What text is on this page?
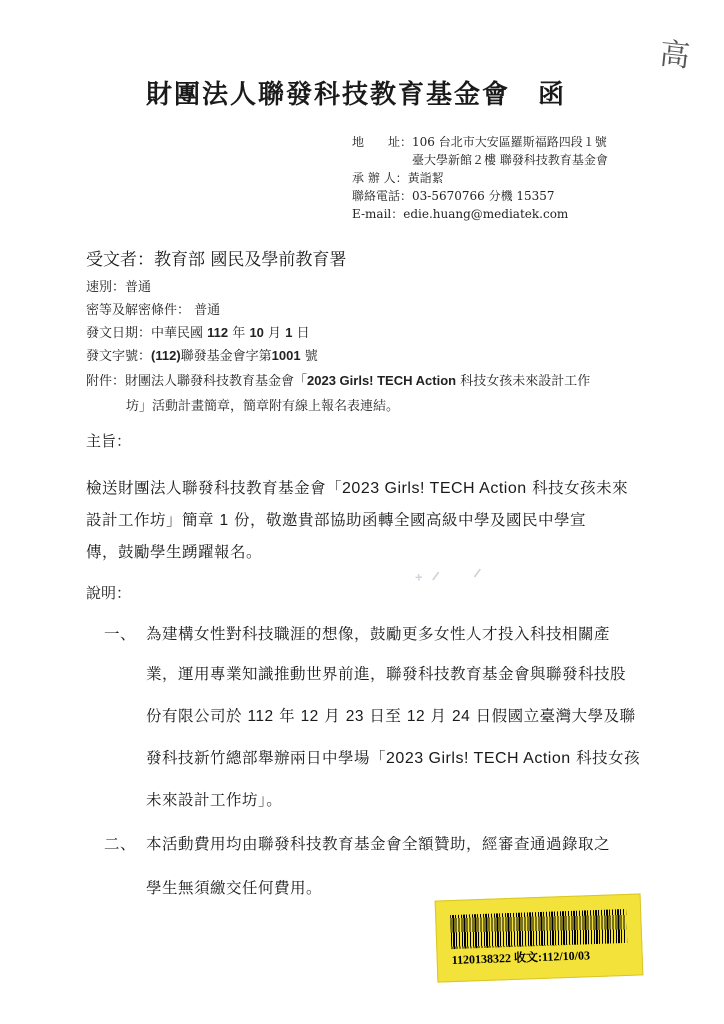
高
財團法人聯發科技教育基金會　函
地　　址：106 台北市大安區羅斯福路四段１號
臺大學新館２樓 聯發科技教育基金會
承 辦 人：黃詣絜
聯絡電話：03-5670766 分機 15357
E-mail：edie.huang@mediatek.com
受文者：教育部 國民及學前教育署
速別：普通
密等及解密條件： 普通
發文日期：中華民國 112 年 10 月 1 日
發文字號：(112)聯發基金會字第1001 號
附件：財團法人聯發科技教育基金會「2023 Girls! TECH Action 科技女孩未來設計工作
坊」活動計畫簡章，簡章附有線上報名表連結。
主旨：
檢送財團法人聯發科技教育基金會「2023 Girls! TECH Action 科技女孩未來
設計工作坊」簡章 1 份，敬邀貴部協助函轉全國高級中學及國民中學宣
傳，鼓勵學生踴躍報名。
ᐩ ᐟ　 ᐟ
說明：
一、 為建構女性對科技職涯的想像，鼓勵更多女性人才投入科技相關產
業，運用專業知識推動世界前進，聯發科技教育基金會與聯發科技股
份有限公司於 112 年 12 月 23 日至 12 月 24 日假國立臺灣大學及聯
發科技新竹總部舉辦兩日中學場「2023 Girls! TECH Action 科技女孩
未來設計工作坊」。
二、 本活動費用均由聯發科技教育基金會全額贊助，經審查通過錄取之
學生無須繳交任何費用。
1120138322 收文:112/10/03
